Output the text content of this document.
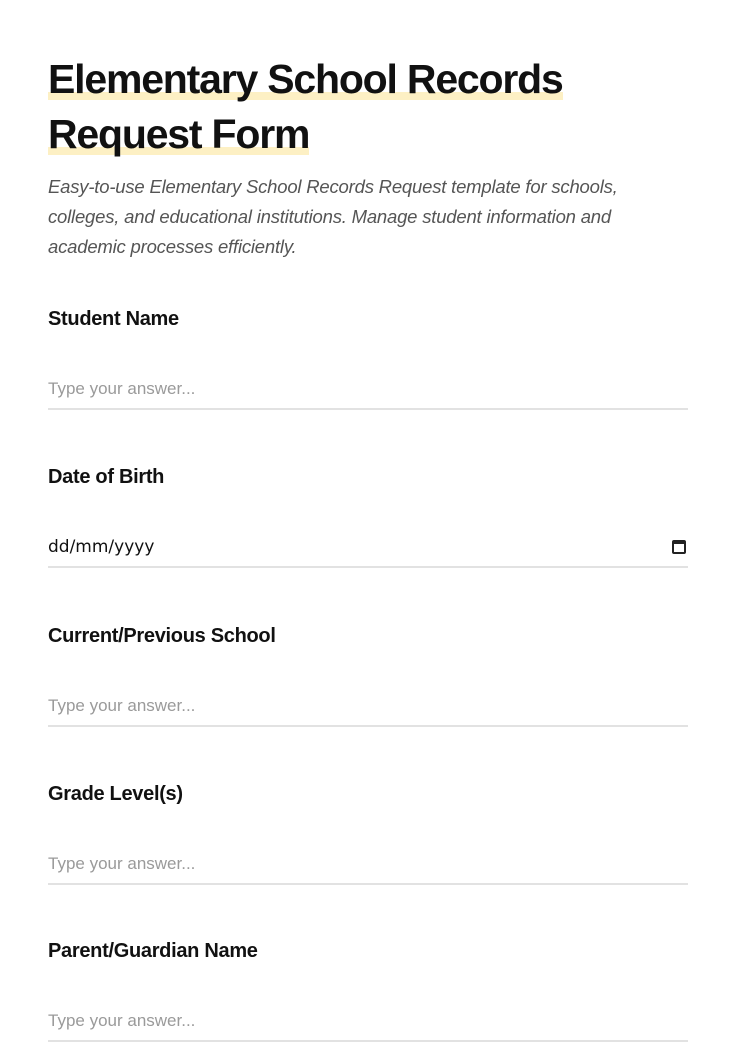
Elementary School Records Request Form
Easy-to-use Elementary School Records Request template for schools, colleges, and educational institutions. Manage student information and academic processes efficiently.
Student Name
Type your answer...
Date of Birth
dd/mm/yyyy
Current/Previous School
Type your answer...
Grade Level(s)
Type your answer...
Parent/Guardian Name
Type your answer...
